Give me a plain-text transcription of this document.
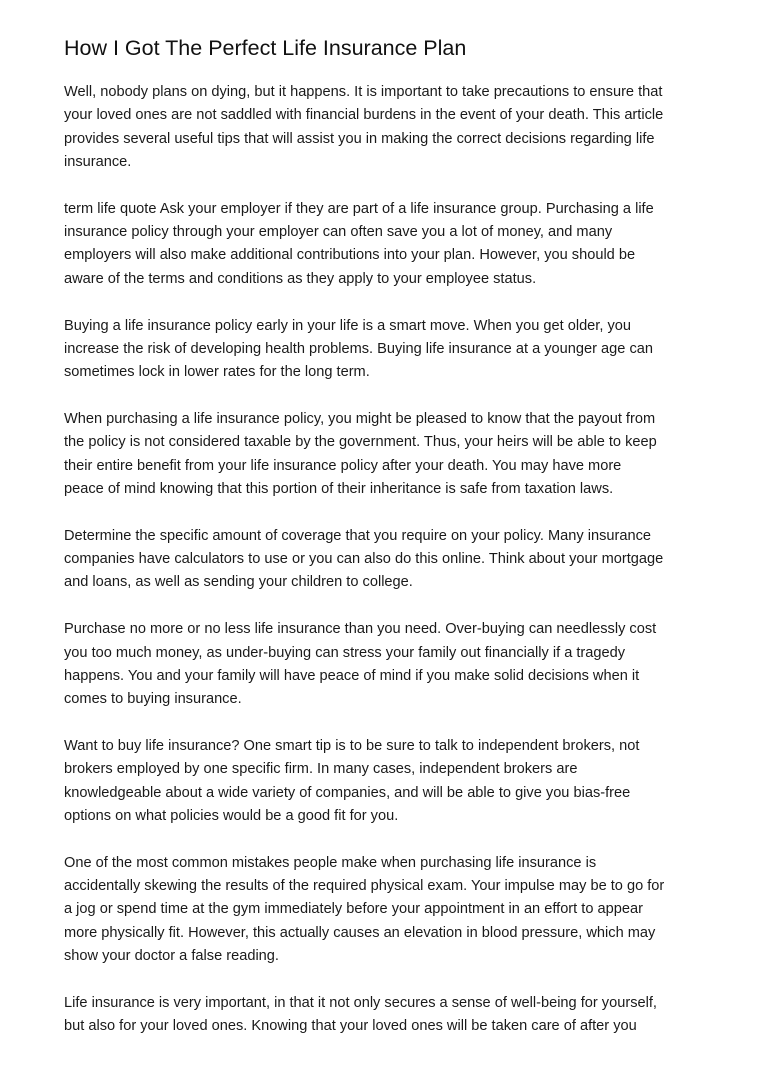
How I Got The Perfect Life Insurance Plan

Well, nobody plans on dying, but it happens. It is important to take precautions to ensure that
your loved ones are not saddled with financial burdens in the event of your death. This article
provides several useful tips that will assist you in making the correct decisions regarding life
insurance.

term life quote Ask your employer if they are part of a life insurance group. Purchasing a life
insurance policy through your employer can often save you a lot of money, and many
employers will also make additional contributions into your plan. However, you should be
aware of the terms and conditions as they apply to your employee status.

Buying a life insurance policy early in your life is a smart move. When you get older, you
increase the risk of developing health problems. Buying life insurance at a younger age can
sometimes lock in lower rates for the long term.

When purchasing a life insurance policy, you might be pleased to know that the payout from
the policy is not considered taxable by the government. Thus, your heirs will be able to keep
their entire benefit from your life insurance policy after your death. You may have more
peace of mind knowing that this portion of their inheritance is safe from taxation laws.

Determine the specific amount of coverage that you require on your policy. Many insurance
companies have calculators to use or you can also do this online. Think about your mortgage
and loans, as well as sending your children to college.

Purchase no more or no less life insurance than you need. Over-buying can needlessly cost
you too much money, as under-buying can stress your family out financially if a tragedy
happens. You and your family will have peace of mind if you make solid decisions when it
comes to buying insurance.

Want to buy life insurance? One smart tip is to be sure to talk to independent brokers, not
brokers employed by one specific firm. In many cases, independent brokers are
knowledgeable about a wide variety of companies, and will be able to give you bias-free
options on what policies would be a good fit for you.

One of the most common mistakes people make when purchasing life insurance is
accidentally skewing the results of the required physical exam. Your impulse may be to go for
a jog or spend time at the gym immediately before your appointment in an effort to appear
more physically fit. However, this actually causes an elevation in blood pressure, which may
show your doctor a false reading.

Life insurance is very important, in that it not only secures a sense of well-being for yourself,
but also for your loved ones. Knowing that your loved ones will be taken care of after you
